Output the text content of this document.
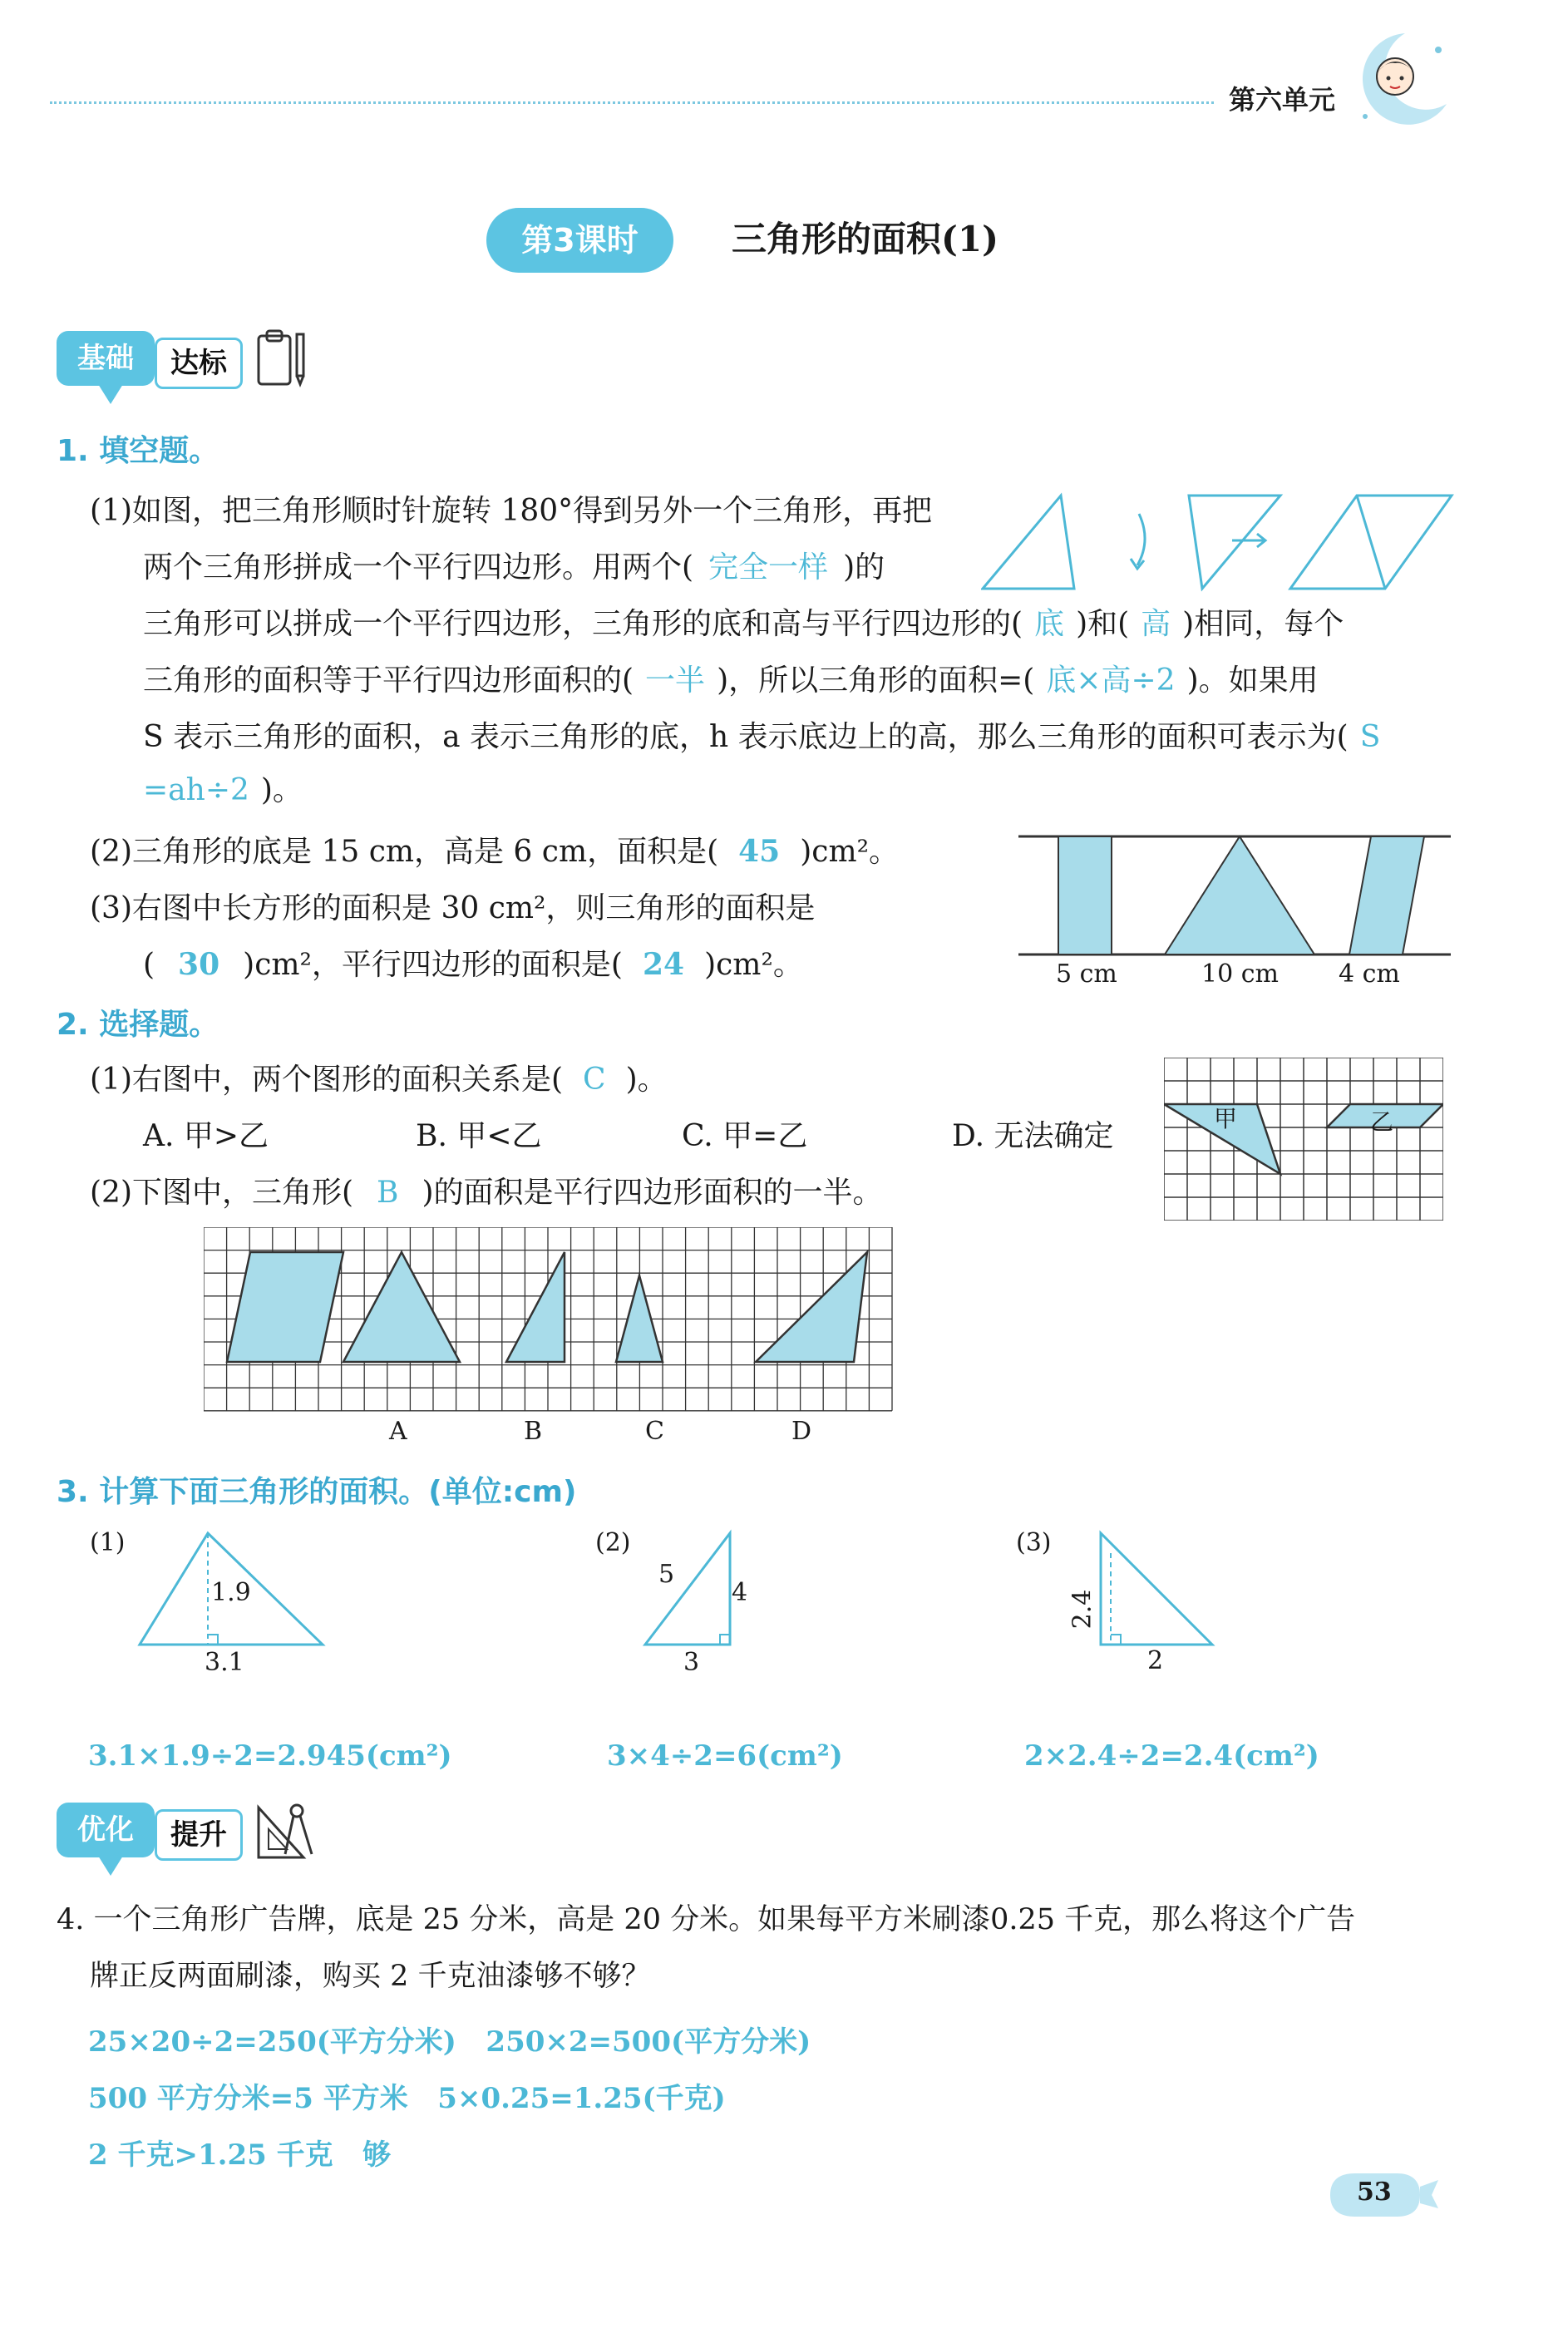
第六单元
第3课时	三角形的面积(1)
基础	达标
1. 填空题。
(1)如图，把三角形顺时针旋转 180°得到另外一个三角形，再把
两个三角形拼成一个平行四边形。用两个( 完全一样 )的
三角形可以拼成一个平行四边形，三角形的底和高与平行四边形的( 底 )和( 高 )相同，每个
三角形的面积等于平行四边形面积的( 一半 )，所以三角形的面积=( 底×高÷2 )。如果用
S 表示三角形的面积，a 表示三角形的底，h 表示底边上的高，那么三角形的面积可表示为( S
=ah÷2 )。
(2)三角形的底是 15 cm，高是 6 cm，面积是( 45 )cm²。
(3)右图中长方形的面积是 30 cm²，则三角形的面积是
( 30 )cm²，平行四边形的面积是( 24 )cm²。	5 cm	10 cm 4 cm
2. 选择题。
(1)右图中，两个图形的面积关系是( C )。
A. 甲>乙	B. 甲<乙	C. 甲=乙	D. 无法确定
甲	乙
(2)下图中，三角形( B )的面积是平行四边形面积的一半。
A	B	C	D
3. 计算下面三角形的面积。(单位:cm)
(1)
1.9
3.1
(2)
5
4
3
(3)
2.4
2
3.1×1.9÷2=2.945(cm²)	3×4÷2=6(cm²)	2×2.4÷2=2.4(cm²)
优化	提升
4. 一个三角形广告牌，底是 25 分米，高是 20 分米。如果每平方米刷漆0.25 千克，那么将这个广告
牌正反两面刷漆，购买 2 千克油漆够不够？
25×20÷2=250(平方分米)   250×2=500(平方分米)
500 平方分米=5 平方米   5×0.25=1.25(千克)
2 千克>1.25 千克   够
53
